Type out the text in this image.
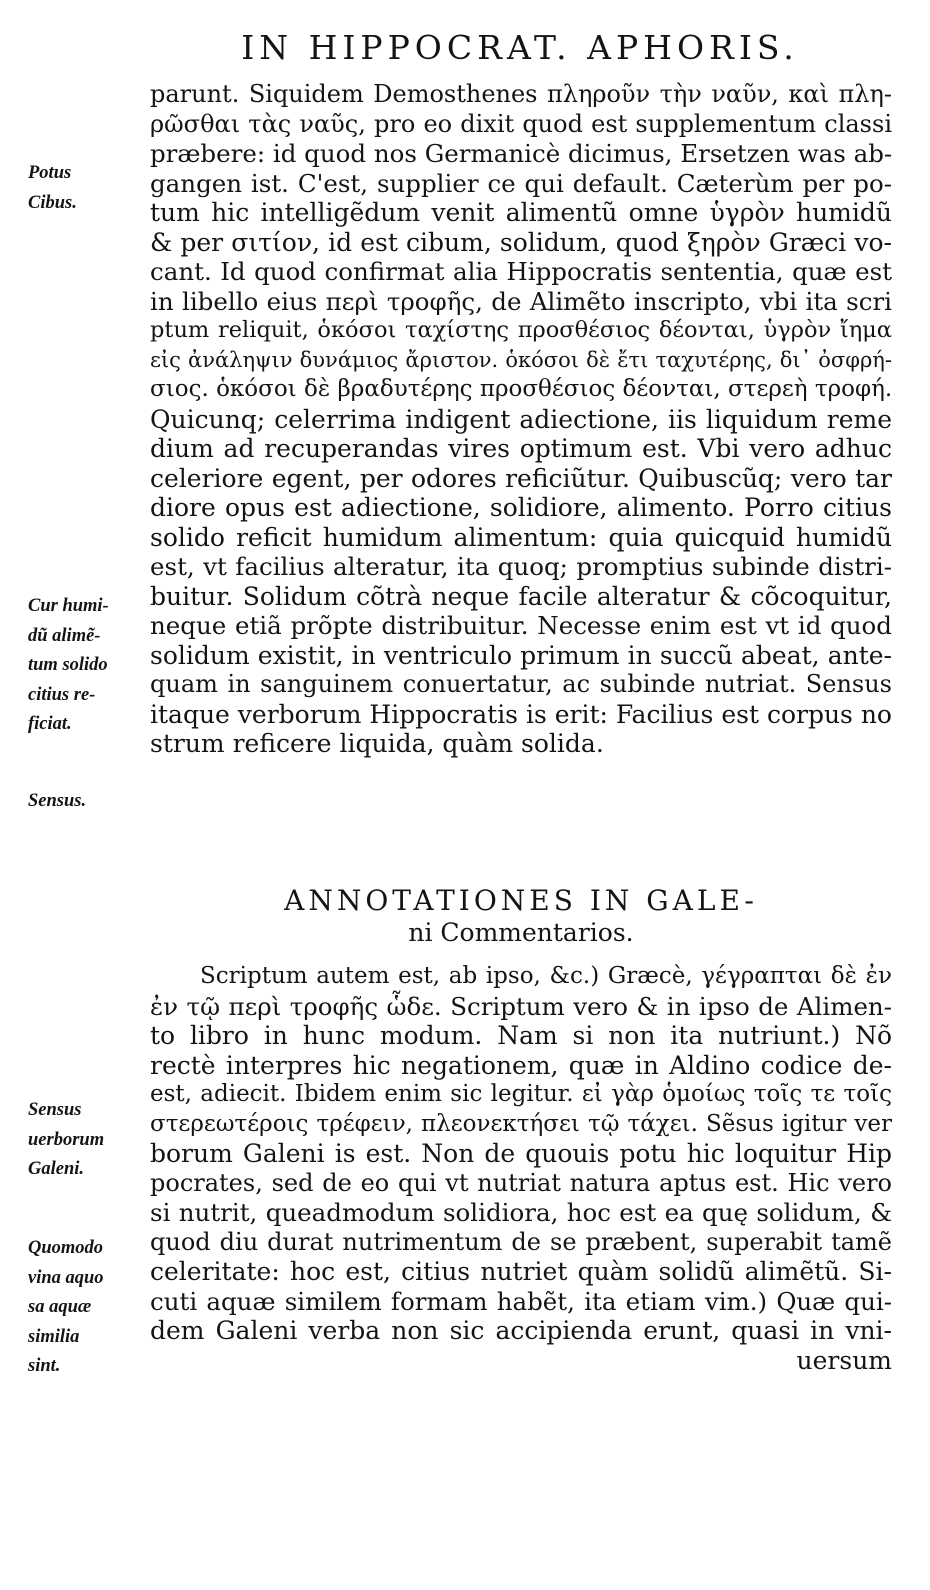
IN HIPPOCRAT. APHORIS.
parunt. Siquidem Demosthenes πληροῦν τὴν ναῦν, καὶ πλη-
ρῶσθαι τὰς ναῦς, pro eo dixit quod est supplementum classi
præbere: id quod nos Germanicè dicimus, Ersetzen was ab-
gangen ist. C'est, supplier ce qui default. Cæterùm per po-
tum hic intelligẽdum venit alimentũ omne ὑγρὸν humidũ
& per σιτίον, id est cibum, solidum, quod ξηρὸν Græci vo-
cant. Id quod confirmat alia Hippocratis sententia, quæ est
in libello eius περὶ τροφῆς, de Alimẽto inscripto, vbi ita scri
ptum reliquit, ὁκόσοι ταχίστης προσθέσιος δέονται, ὑγρὸν ἴημα
εἰς ἀνάληψιν δυνάμιος ἄριστον. ὁκόσοι δὲ ἔτι ταχυτέρης, δι᾽ ὀσφρή-
σιος. ὁκόσοι δὲ βραδυτέρης προσθέσιος δέονται, στερεὴ τροφή.
Quicunq; celerrima indigent adiectione, iis liquidum reme
dium ad recuperandas vires optimum est. Vbi vero adhuc
celeriore egent, per odores reficiũtur. Quibuscũq; vero tar
diore opus est adiectione, solidiore, alimento. Porro citius
solido reficit humidum alimentum: quia quicquid humidũ
est, vt facilius alteratur, ita quoq; promptius subinde distri-
buitur. Solidum cõtrà neque facile alteratur & cõcoquitur,
neque etiã prõpte distribuitur. Necesse enim est vt id quod
solidum existit, in ventriculo primum in succũ abeat, ante-
quam in sanguinem conuertatur, ac subinde nutriat. Sensus
itaque verborum Hippocratis is erit: Facilius est corpus no
strum reficere liquida, quàm solida.
ANNOTATIONES IN GALE-
ni Commentarios.
Scriptum autem est, ab ipso, &c.) Græcè, γέγραπται δὲ ἐν
ἐν τῷ περὶ τροφῆς ὧδε. Scriptum vero & in ipso de Alimen-
to libro in hunc modum. Nam si non ita nutriunt.) Nõ
rectè interpres hic negationem, quæ in Aldino codice de-
est, adiecit. Ibidem enim sic legitur. εἰ γὰρ ὁμοίως τοῖς τε τοῖς
στερεωτέροις τρέφειν, πλεονεκτήσει τῷ τάχει. Sẽsus igitur ver
borum Galeni is est. Non de quouis potu hic loquitur Hip
pocrates, sed de eo qui vt nutriat natura aptus est. Hic vero
si nutrit, queadmodum solidiora, hoc est ea quę solidum, &
quod diu durat nutrimentum de se præbent, superabit tamẽ
celeritate: hoc est, citius nutriet quàm solidũ alimẽtũ. Si-
cuti aquæ similem formam habẽt, ita etiam vim.) Quæ qui-
dem Galeni verba non sic accipienda erunt, quasi in vni-
uersum
Potus
Cibus.
Cur humi-
dũ alimẽ-
tum solido
citius re-
ficiat.
Sensus.
Sensus
uerborum
Galeni.
Quomodo
vina aquo
sa aquæ
similia
sint.
